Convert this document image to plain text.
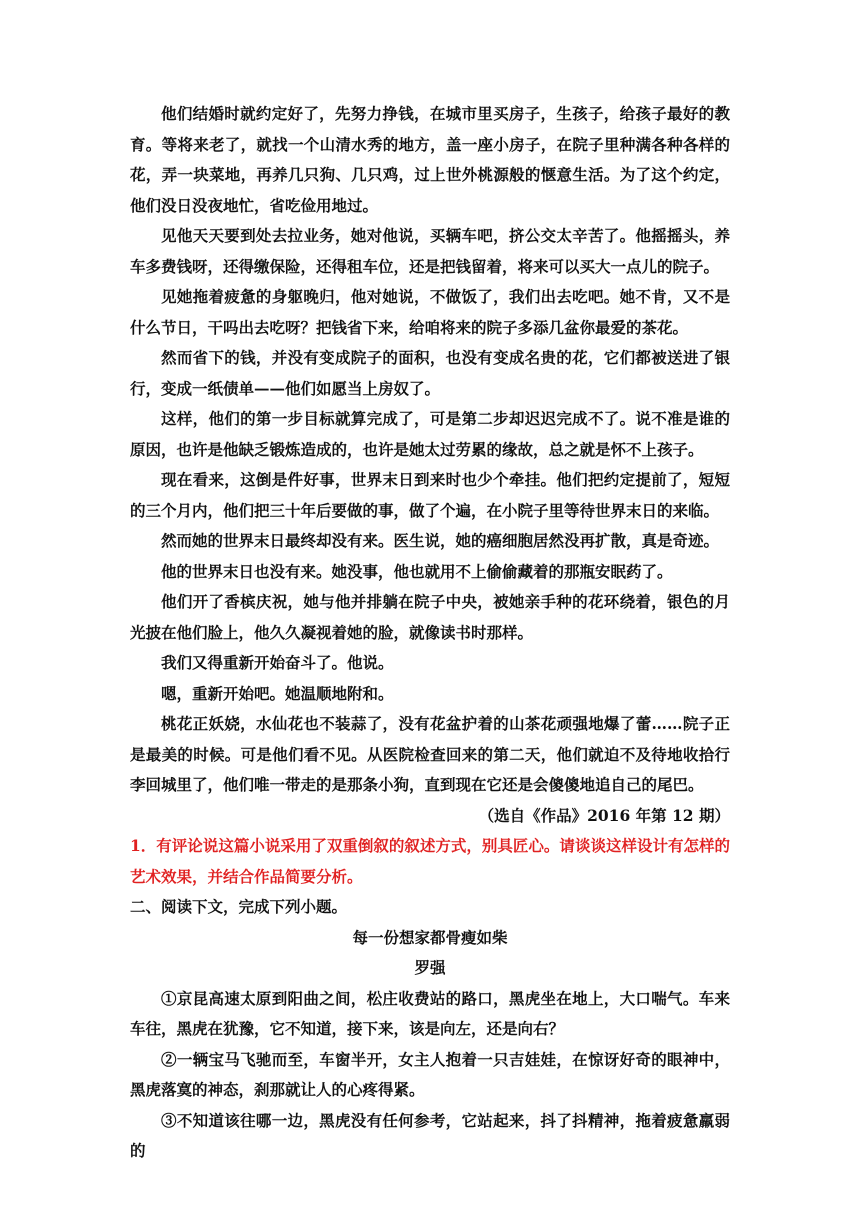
他们结婚时就约定好了，先努力挣钱，在城市里买房子，生孩子，给孩子最好的教育。等将来老了，就找一个山清水秀的地方，盖一座小房子，在院子里种满各种各样的花，弄一块菜地，再养几只狗、几只鸡，过上世外桃源般的惬意生活。为了这个约定，他们没日没夜地忙，省吃俭用地过。

见他天天要到处去拉业务，她对他说，买辆车吧，挤公交太辛苦了。他摇摇头，养车多费钱呀，还得缴保险，还得租车位，还是把钱留着，将来可以买大一点儿的院子。

见她拖着疲惫的身躯晚归，他对她说，不做饭了，我们出去吃吧。她不肯，又不是什么节日，干吗出去吃呀？把钱省下来，给咱将来的院子多添几盆你最爱的茶花。

然而省下的钱，并没有变成院子的面积，也没有变成名贵的花，它们都被送进了银行，变成一纸债单——他们如愿当上房奴了。

这样，他们的第一步目标就算完成了，可是第二步却迟迟完成不了。说不准是谁的原因，也许是他缺乏锻炼造成的，也许是她太过劳累的缘故，总之就是怀不上孩子。

现在看来，这倒是件好事，世界末日到来时也少个牵挂。他们把约定提前了，短短的三个月内，他们把三十年后要做的事，做了个遍，在小院子里等待世界末日的来临。

然而她的世界末日最终却没有来。医生说，她的癌细胞居然没再扩散，真是奇迹。

他的世界末日也没有来。她没事，他也就用不上偷偷藏着的那瓶安眠药了。

他们开了香槟庆祝，她与他并排躺在院子中央，被她亲手种的花环绕着，银色的月光披在他们脸上，他久久凝视着她的脸，就像读书时那样。

我们又得重新开始奋斗了。他说。

嗯，重新开始吧。她温顺地附和。

桃花正妖娆，水仙花也不装蒜了，没有花盆护着的山茶花顽强地爆了蕾……院子正是最美的时候。可是他们看不见。从医院检查回来的第二天，他们就迫不及待地收拾行李回城里了，他们唯一带走的是那条小狗，直到现在它还是会傻傻地追自己的尾巴。

（选自《作品》2016 年第 12 期）

1．有评论说这篇小说采用了双重倒叙的叙述方式，别具匠心。请谈谈这样设计有怎样的艺术效果，并结合作品简要分析。

二、阅读下文，完成下列小题。

每一份想家都骨瘦如柴

罗强

①京昆高速太原到阳曲之间，松庄收费站的路口，黑虎坐在地上，大口喘气。车来车往，黑虎在犹豫，它不知道，接下来，该是向左，还是向右？

②一辆宝马飞驰而至，车窗半开，女主人抱着一只吉娃娃，在惊讶好奇的眼神中，黑虎落寞的神态，刹那就让人的心疼得紧。

③不知道该往哪一边，黑虎没有任何参考，它站起来，抖了抖精神，拖着疲惫羸弱的
